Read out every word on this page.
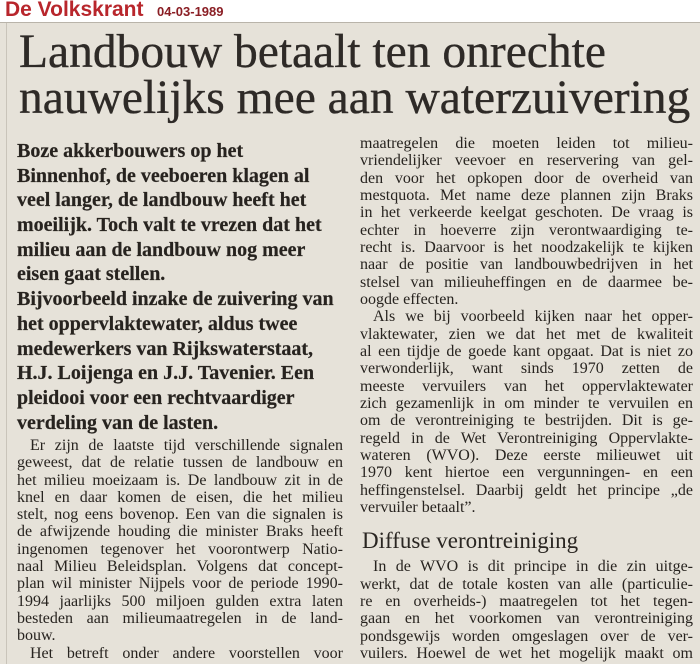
De Volkskrant 04-03-1989
Landbouw betaalt ten onrechte
nauwelijks mee aan waterzuivering
Boze akkerbouwers op het
Binnenhof, de veeboeren klagen al
veel langer, de landbouw heeft het
moeilijk. Toch valt te vrezen dat het
milieu aan de landbouw nog meer
eisen gaat stellen.
Bijvoorbeeld inzake de zuivering van
het oppervlaktewater, aldus twee
medewerkers van Rijkswaterstaat,
H.J. Loijenga en J.J. Tavenier. Een
pleidooi voor een rechtvaardiger
verdeling van de lasten.
Er zijn de laatste tijd verschillende signalen
geweest, dat de relatie tussen de landbouw en
het milieu moeizaam is. De landbouw zit in de
knel en daar komen de eisen, die het milieu
stelt, nog eens bovenop. Een van die signalen is
de afwijzende houding die minister Braks heeft
ingenomen tegenover het voorontwerp Natio-
naal Milieu Beleidsplan. Volgens dat concept-
plan wil minister Nijpels voor de periode 1990-
1994 jaarlijks 500 miljoen gulden extra laten
besteden aan milieumaatregelen in de land-
bouw.
Het betreft onder andere voorstellen voor
maatregelen die moeten leiden tot milieu-
vriendelijker veevoer en reservering van gel-
den voor het opkopen door de overheid van
mestquota. Met name deze plannen zijn Braks
in het verkeerde keelgat geschoten. De vraag is
echter in hoeverre zijn verontwaardiging te-
recht is. Daarvoor is het noodzakelijk te kijken
naar de positie van landbouwbedrijven in het
stelsel van milieuheffingen en de daarmee be-
oogde effecten.
Als we bij voorbeeld kijken naar het opper-
vlaktewater, zien we dat het met de kwaliteit
al een tijdje de goede kant opgaat. Dat is niet zo
verwonderlijk, want sinds 1970 zetten de
meeste vervuilers van het oppervlaktewater
zich gezamenlijk in om minder te vervuilen en
om de verontreiniging te bestrijden. Dit is ge-
regeld in de Wet Verontreiniging Oppervlakte-
wateren (WVO). Deze eerste milieuwet uit
1970 kent hiertoe een vergunningen- en een
heffingenstelsel. Daarbij geldt het principe „de
vervuiler betaalt”.
Diffuse verontreiniging
In de WVO is dit principe in die zin uitge-
werkt, dat de totale kosten van alle (particulie-
re en overheids-) maatregelen tot het tegen-
gaan en het voorkomen van verontreiniging
pondsgewijs worden omgeslagen over de ver-
vuilers. Hoewel de wet het mogelijk maakt om
